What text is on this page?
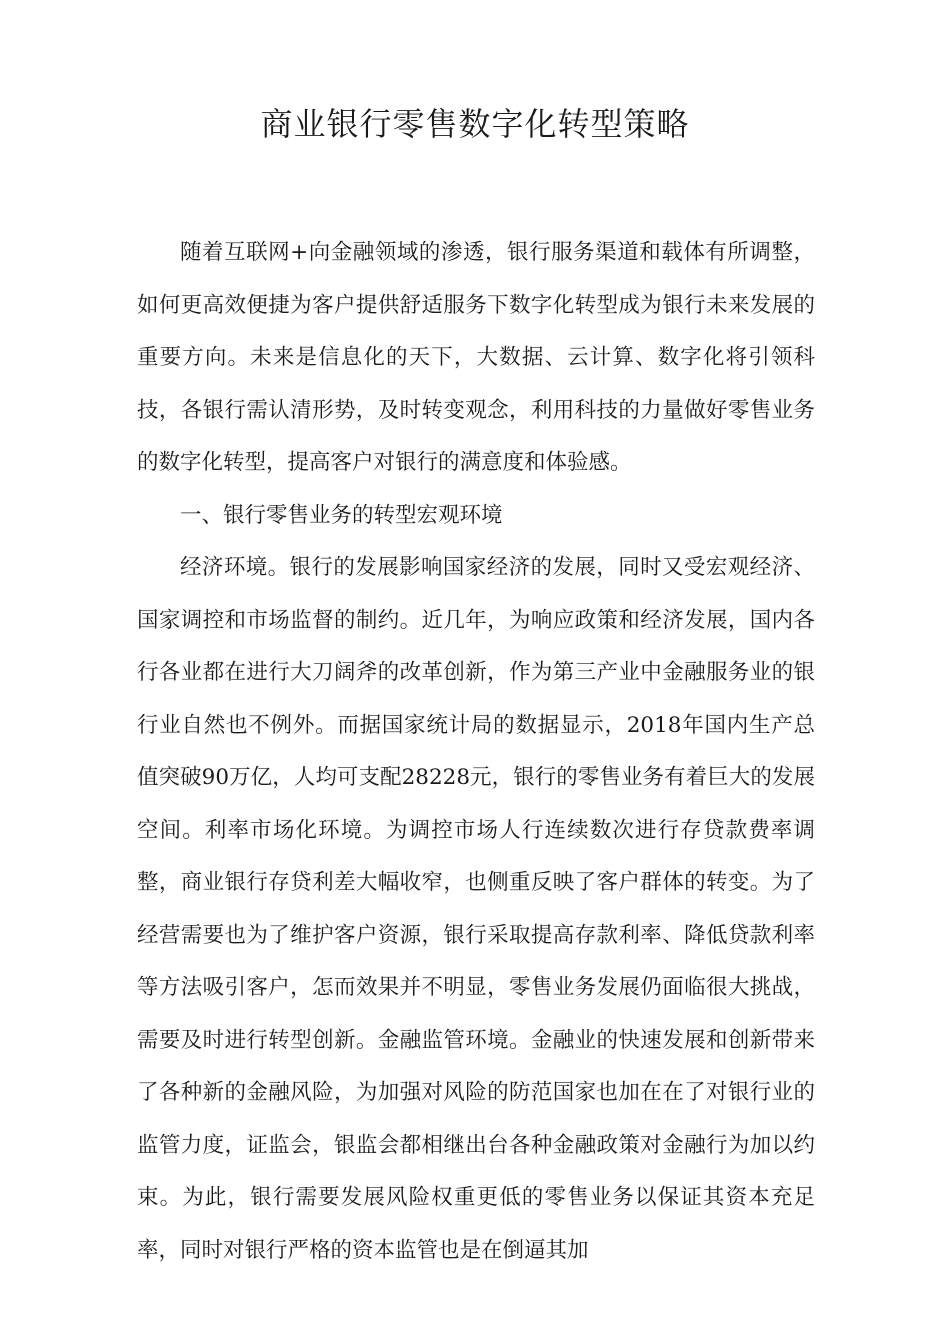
商业银行零售数字化转型策略

随着互联网+向金融领域的渗透，银行服务渠道和载体有所调整，如何更高效便捷为客户提供舒适服务下数字化转型成为银行未来发展的重要方向。未来是信息化的天下，大数据、云计算、数字化将引领科技，各银行需认清形势，及时转变观念，利用科技的力量做好零售业务的数字化转型，提高客户对银行的满意度和体验感。

一、银行零售业务的转型宏观环境

经济环境。银行的发展影响国家经济的发展，同时又受宏观经济、国家调控和市场监督的制约。近几年，为响应政策和经济发展，国内各行各业都在进行大刀阔斧的改革创新，作为第三产业中金融服务业的银行业自然也不例外。而据国家统计局的数据显示，2018年国内生产总值突破90万亿，人均可支配28228元，银行的零售业务有着巨大的发展空间。利率市场化环境。为调控市场人行连续数次进行存贷款费率调整，商业银行存贷利差大幅收窄，也侧重反映了客户群体的转变。为了经营需要也为了维护客户资源，银行采取提高存款利率、降低贷款利率等方法吸引客户，怎而效果并不明显，零售业务发展仍面临很大挑战，需要及时进行转型创新。金融监管环境。金融业的快速发展和创新带来了各种新的金融风险，为加强对风险的防范国家也加在在了对银行业的监管力度，证监会，银监会都相继出台各种金融政策对金融行为加以约束。为此，银行需要发展风险权重更低的零售业务以保证其资本充足率，同时对银行严格的资本监管也是在倒逼其加
